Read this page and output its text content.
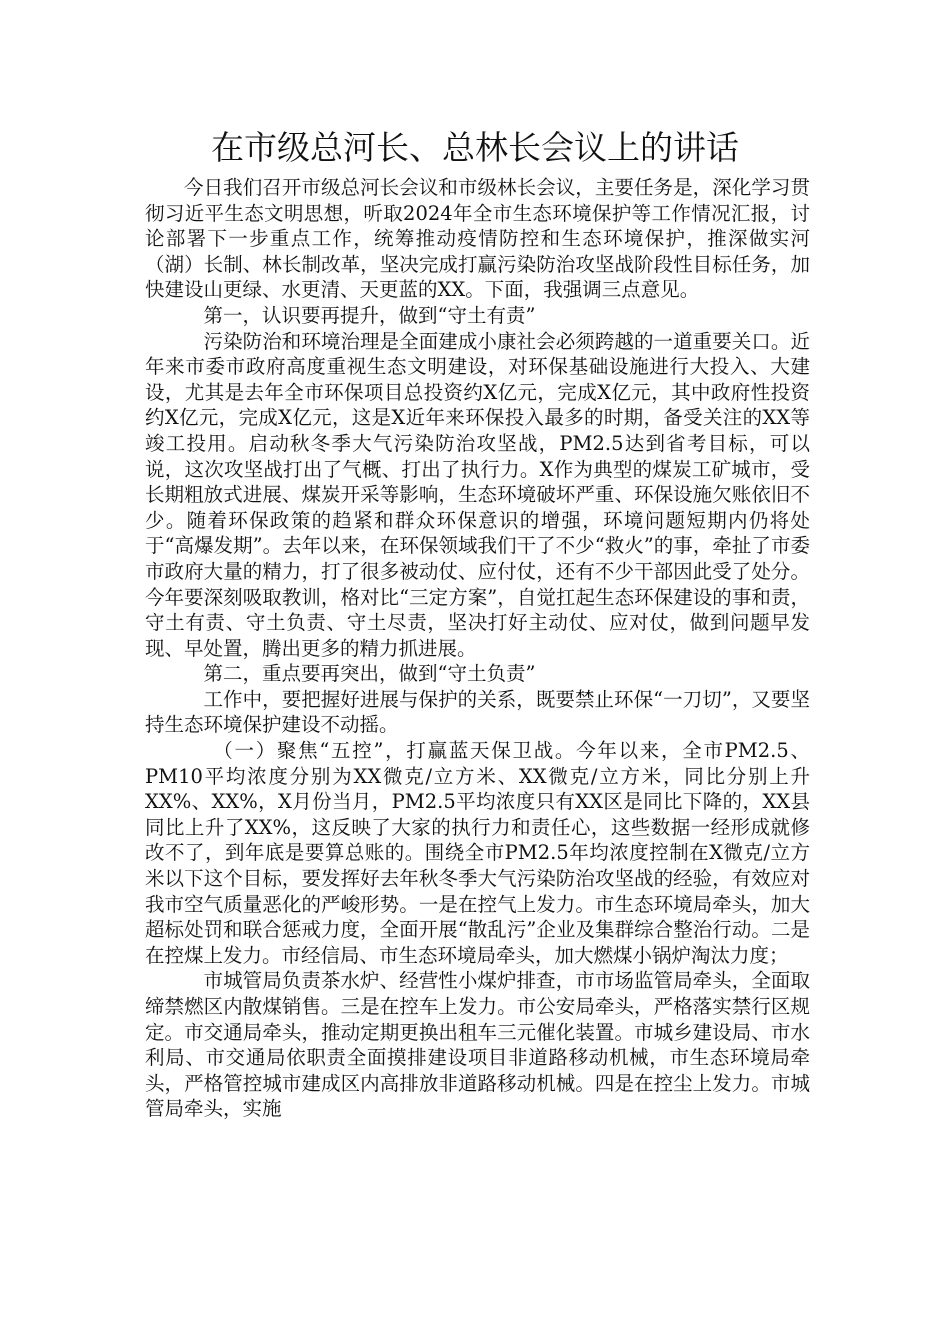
在市级总河长、总林长会议上的讲话

今日我们召开市级总河长会议和市级林长会议，主要任务是，深化学习贯彻习近平生态文明思想，听取2024年全市生态环境保护等工作情况汇报，讨论部署下一步重点工作，统筹推动疫情防控和生态环境保护，推深做实河（湖）长制、林长制改革，坚决完成打赢污染防治攻坚战阶段性目标任务，加快建设山更绿、水更清、天更蓝的XX。下面，我强调三点意见。

第一，认识要再提升，做到“守土有责”

污染防治和环境治理是全面建成小康社会必须跨越的一道重要关口。近年来市委市政府高度重视生态文明建设，对环保基础设施进行大投入、大建设，尤其是去年全市环保项目总投资约X亿元，完成X亿元，其中政府性投资约X亿元，完成X亿元，这是X近年来环保投入最多的时期，备受关注的XX等竣工投用。启动秋冬季大气污染防治攻坚战，PM2.5达到省考目标，可以说，这次攻坚战打出了气概、打出了执行力。X作为典型的煤炭工矿城市，受长期粗放式进展、煤炭开采等影响，生态环境破坏严重、环保设施欠账依旧不少。随着环保政策的趋紧和群众环保意识的增强，环境问题短期内仍将处于“高爆发期”。去年以来，在环保领域我们干了不少“救火”的事，牵扯了市委市政府大量的精力，打了很多被动仗、应付仗，还有不少干部因此受了处分。今年要深刻吸取教训，格对比“三定方案”，自觉扛起生态环保建设的事和责，守土有责、守土负责、守土尽责，坚决打好主动仗、应对仗，做到问题早发现、早处置，腾出更多的精力抓进展。

第二，重点要再突出，做到“守土负责”

工作中，要把握好进展与保护的关系，既要禁止环保“一刀切”，又要坚持生态环境保护建设不动摇。

（一）聚焦“五控”，打赢蓝天保卫战。今年以来，全市PM2.5、PM10平均浓度分别为XX微克/立方米、XX微克/立方米，同比分别上升XX%、XX%，X月份当月，PM2.5平均浓度只有XX区是同比下降的，XX县同比上升了XX%，这反映了大家的执行力和责任心，这些数据一经形成就修改不了，到年底是要算总账的。围绕全市PM2.5年均浓度控制在X微克/立方米以下这个目标，要发挥好去年秋冬季大气污染防治攻坚战的经验，有效应对我市空气质量恶化的严峻形势。一是在控气上发力。市生态环境局牵头，加大超标处罚和联合惩戒力度，全面开展“散乱污”企业及集群综合整治行动。二是在控煤上发力。市经信局、市生态环境局牵头，加大燃煤小锅炉淘汰力度；

市城管局负责茶水炉、经营性小煤炉排查，市市场监管局牵头，全面取缔禁燃区内散煤销售。三是在控车上发力。市公安局牵头，严格落实禁行区规定。市交通局牵头，推动定期更换出租车三元催化装置。市城乡建设局、市水利局、市交通局依职责全面摸排建设项目非道路移动机械，市生态环境局牵头，严格管控城市建成区内高排放非道路移动机械。四是在控尘上发力。市城管局牵头，实施
